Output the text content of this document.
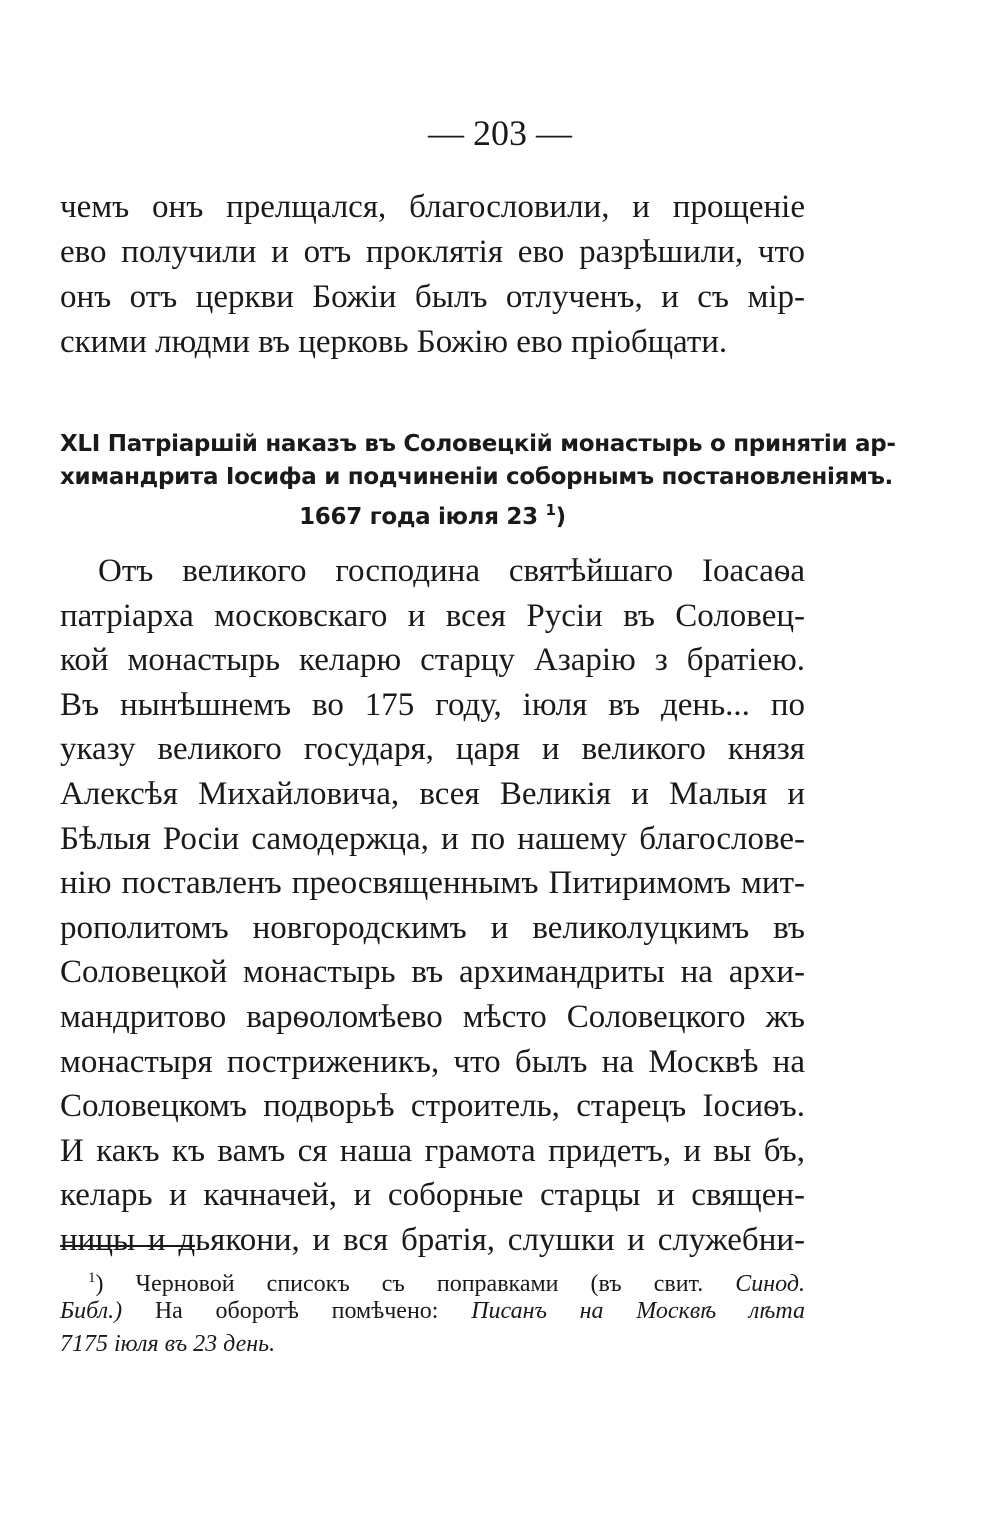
— 203 —
чемъ онъ прелщался, благословили, и прощеніе
ево получили и отъ проклятія ево разрѣшили, что
онъ отъ церкви Божіи былъ отлученъ, и съ мір-
скими людми въ церковь Божію ево пріобщати.
XLI Патріаршій наказъ въ Соловецкій монастырь о принятіи ар-
химандрита Іосифа и подчиненіи соборнымъ постановленіямъ.
1667 года іюля 23 $^1$)
Отъ великого господина святѣйшаго Іоасаѳа
патріарха московскаго и всея Русіи въ Соловец-
кой монастырь келарю старцу Азарію з братіею.
Въ нынѣшнемъ во 175 году, іюля въ день... по
указу великого государя, царя и великого князя
Алексѣя Михайловича, всея Великія и Малыя и
Бѣлыя Росіи самодержца, и по нашему благослове-
нію поставленъ преосвященнымъ Питиримомъ мит-
рополитомъ новгородскимъ и великолуцкимъ въ
Соловецкой монастырь въ архимандриты на архи-
мандритово варѳоломѣево мѣсто Соловецкого жъ
монастыря постриженикъ, что былъ на Москвѣ на
Соловецкомъ подворьѣ строитель, старецъ Іосиѳъ.
И какъ къ вамъ ся наша грамота придетъ, и вы бъ,
келарь и качначей, и соборные старцы и священ-
ницы и дьякони, и вся братія, слушки и служебни-
$^1$) Черновой списокъ съ поправками (въ свит. Синод.
Библ.) На оборотѣ помѣчено: Писанъ на Москвѣ лѣта
7175 іюля въ 23 день.
